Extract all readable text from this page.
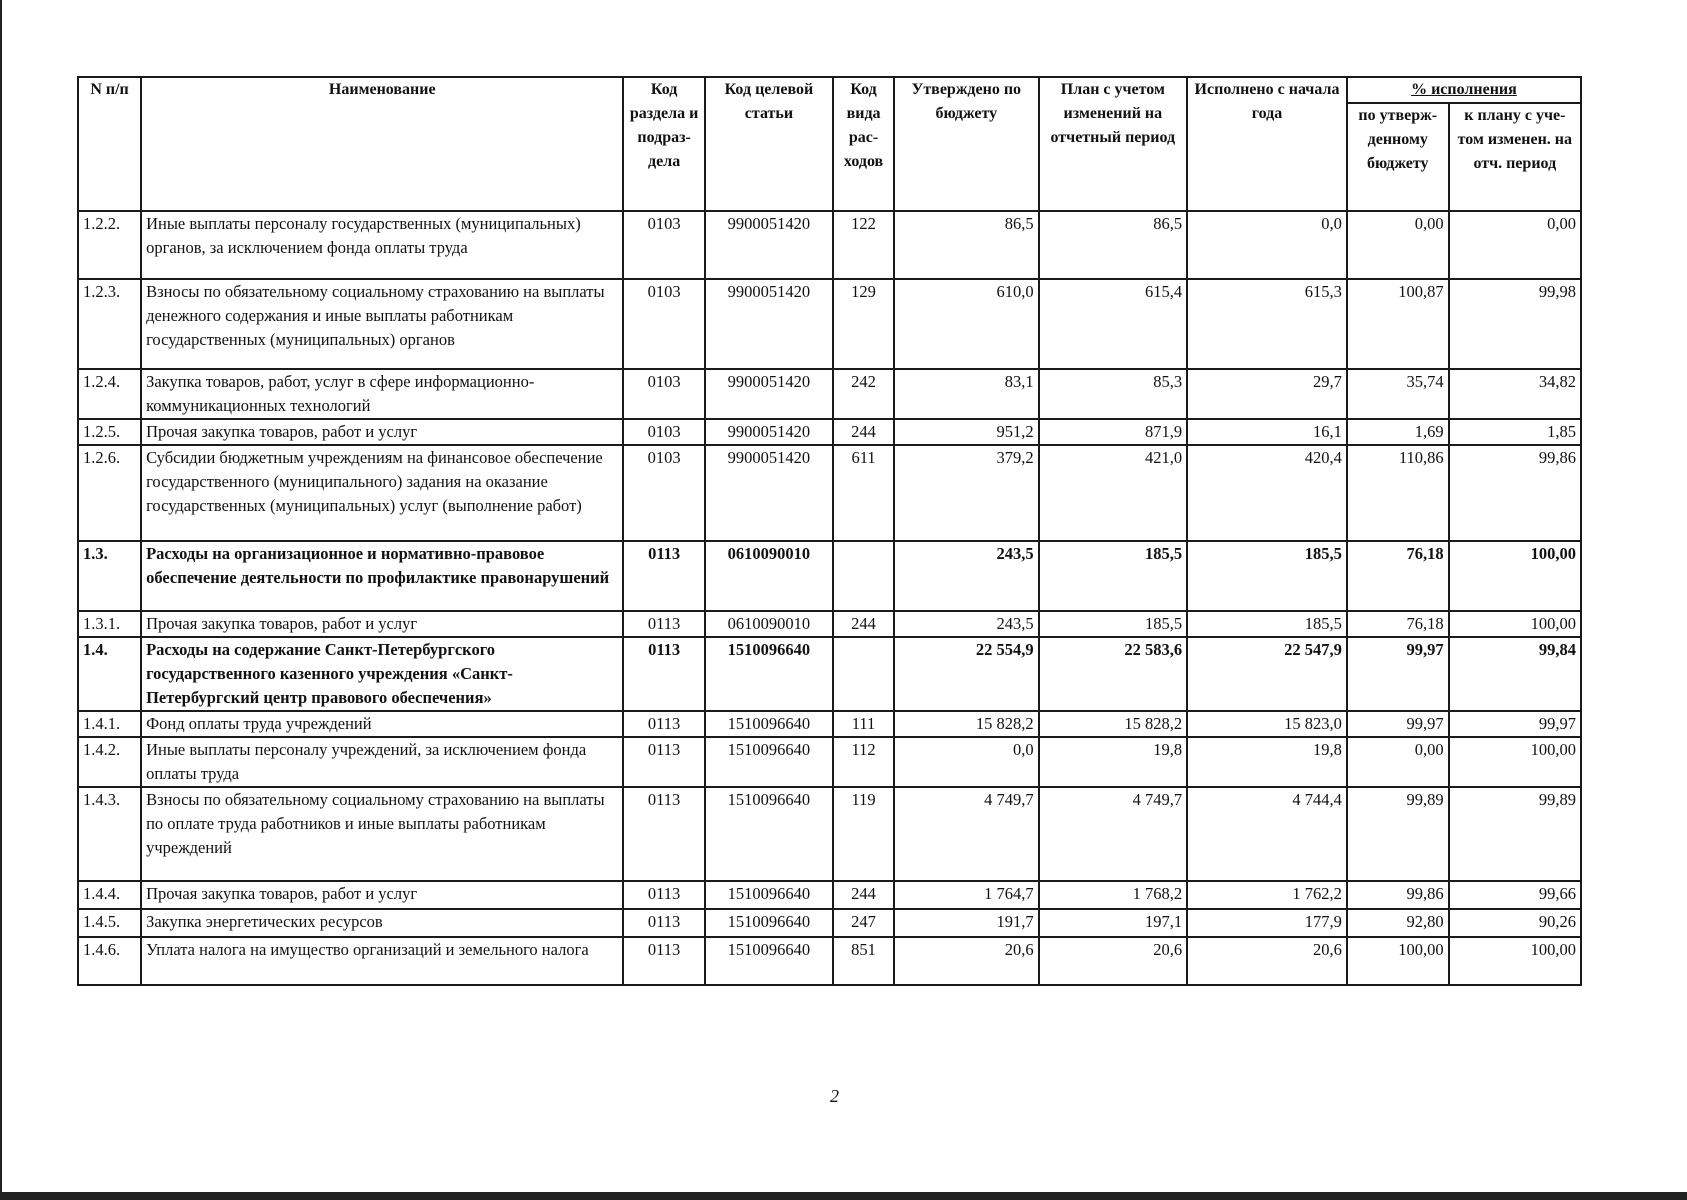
N п/п	Наименование	Код раздела и подраз-дела	Код целевой статьи	Код вида рас-ходов	Утверждено по бюджету	План с учетом изменений на отчетный период	Исполнено с начала года	% исполнения	
								по утверж-денному бюджету	к плану с уче-том изменен. на отч. период
1.2.2.	Иные выплаты персоналу государственных (муниципальных) органов, за исключением фонда оплаты труда	0103	9900051420	122	86,5	86,5	0,0	0,00	0,00
1.2.3.	Взносы по обязательному социальному страхованию на выплаты денежного содержания и иные выплаты работникам государственных (муниципальных) органов	0103	9900051420	129	610,0	615,4	615,3	100,87	99,98
1.2.4.	Закупка товаров, работ, услуг в сфере информационно-коммуникационных технологий	0103	9900051420	242	83,1	85,3	29,7	35,74	34,82
1.2.5.	Прочая закупка товаров, работ и услуг	0103	9900051420	244	951,2	871,9	16,1	1,69	1,85
1.2.6.	Субсидии бюджетным учреждениям на финансовое обеспечение государственного (муниципального) задания на оказание государственных (муниципальных) услуг (выполнение работ)	0103	9900051420	611	379,2	421,0	420,4	110,86	99,86
1.3.	Расходы на организационное и нормативно-правовое обеспечение деятельности по профилактике правонарушений	0113	0610090010		243,5	185,5	185,5	76,18	100,00
1.3.1.	Прочая закупка товаров, работ и услуг	0113	0610090010	244	243,5	185,5	185,5	76,18	100,00
1.4.	Расходы на содержание Санкт-Петербургского государственного казенного учреждения «Санкт-Петербургский центр правового обеспечения»	0113	1510096640		22 554,9	22 583,6	22 547,9	99,97	99,84
1.4.1.	Фонд оплаты труда учреждений	0113	1510096640	111	15 828,2	15 828,2	15 823,0	99,97	99,97
1.4.2.	Иные выплаты персоналу учреждений, за исключением фонда оплаты труда	0113	1510096640	112	0,0	19,8	19,8	0,00	100,00
1.4.3.	Взносы по обязательному социальному страхованию на выплаты по оплате труда работников и иные выплаты работникам учреждений	0113	1510096640	119	4 749,7	4 749,7	4 744,4	99,89	99,89
1.4.4.	Прочая закупка товаров, работ и услуг	0113	1510096640	244	1 764,7	1 768,2	1 762,2	99,86	99,66
1.4.5.	Закупка энергетических ресурсов	0113	1510096640	247	191,7	197,1	177,9	92,80	90,26
1.4.6.	Уплата налога на имущество организаций и земельного налога	0113	1510096640	851	20,6	20,6	20,6	100,00	100,00
2
